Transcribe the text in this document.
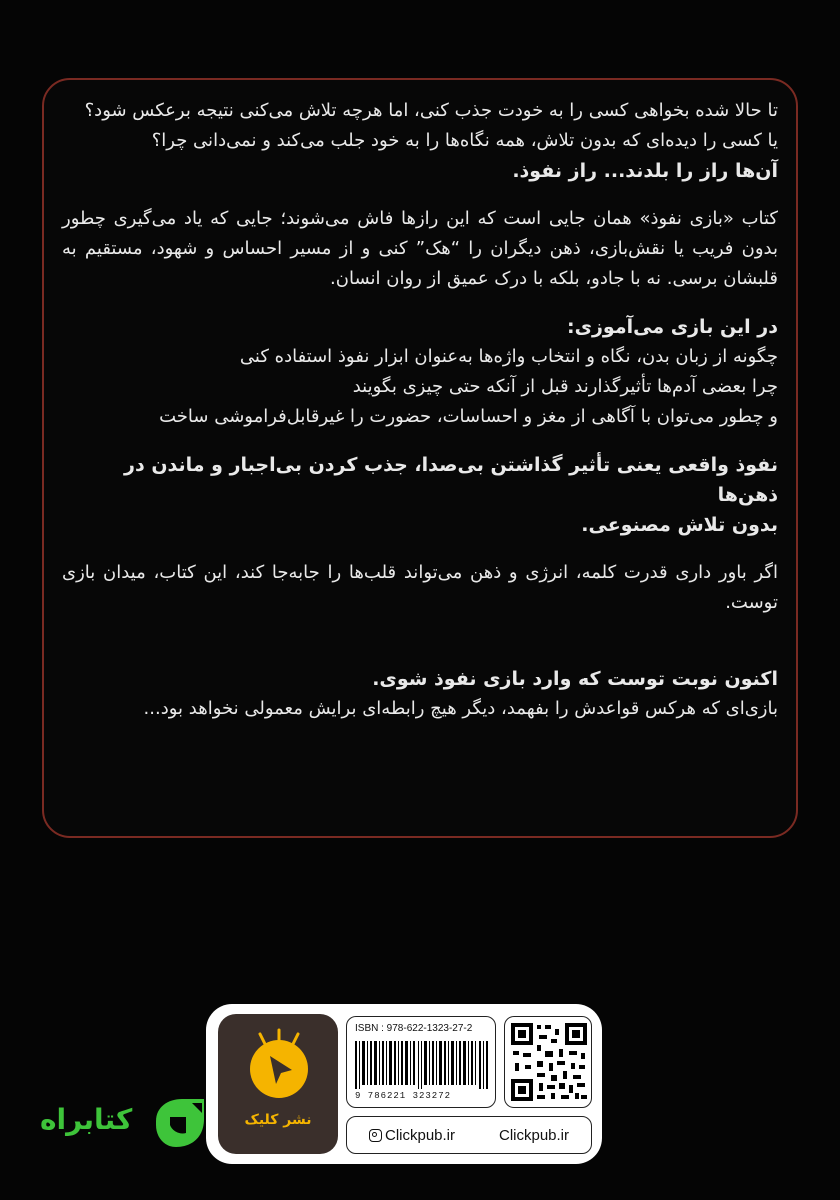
تا حالا شده بخواهی کسی را به خودت جذب کنی، اما هرچه تلاش می‌کنی نتیجه برعکس شود؟

یا کسی را دیده‌ای که بدون تلاش، همه نگاه‌ها را به خود جلب می‌کند و نمی‌دانی چرا؟

آن‌ها راز را بلدند... راز نفوذ.

کتاب «بازی نفوذ» همان جایی است که این رازها فاش می‌شوند؛ جایی که یاد می‌گیری چطور بدون فریب یا نقش‌بازی، ذهن دیگران را “هک” کنی و از مسیر احساس و شهود، مستقیم به قلبشان برسی. نه با جادو، بلکه با درک عمیق از روان انسان.

در این بازی می‌آموزی:

چگونه از زبان بدن، نگاه و انتخاب واژه‌ها به‌عنوان ابزار نفوذ استفاده کنی

چرا بعضی آدم‌ها تأثیر‌گذارند قبل از آنکه حتی چیزی بگویند

و چطور می‌توان با آگاهی از مغز و احساسات، حضورت را غیرقابل‌فراموشی ساخت

نفوذ واقعی یعنی تأثیر گذاشتن بی‌صدا، جذب کردن بی‌اجبار و ماندن در ذهن‌ها

بدون تلاش مصنوعی.

اگر باور داری قدرت کلمه، انرژی و ذهن می‌تواند قلب‌ها را جابه‌جا کند، این کتاب، میدان بازی توست.

اکنون نوبت توست که وارد بازی نفوذ شوی.

بازی‌ای که هرکس قواعدش را بفهمد، دیگر هیچ رابطه‌ای برایش معمولی نخواهد بود...

نشر کلیک
ISBN : 978-622-1323-27-2
9 786221 323272
Clickpub.ir	Clickpub.ir
کتابراه
